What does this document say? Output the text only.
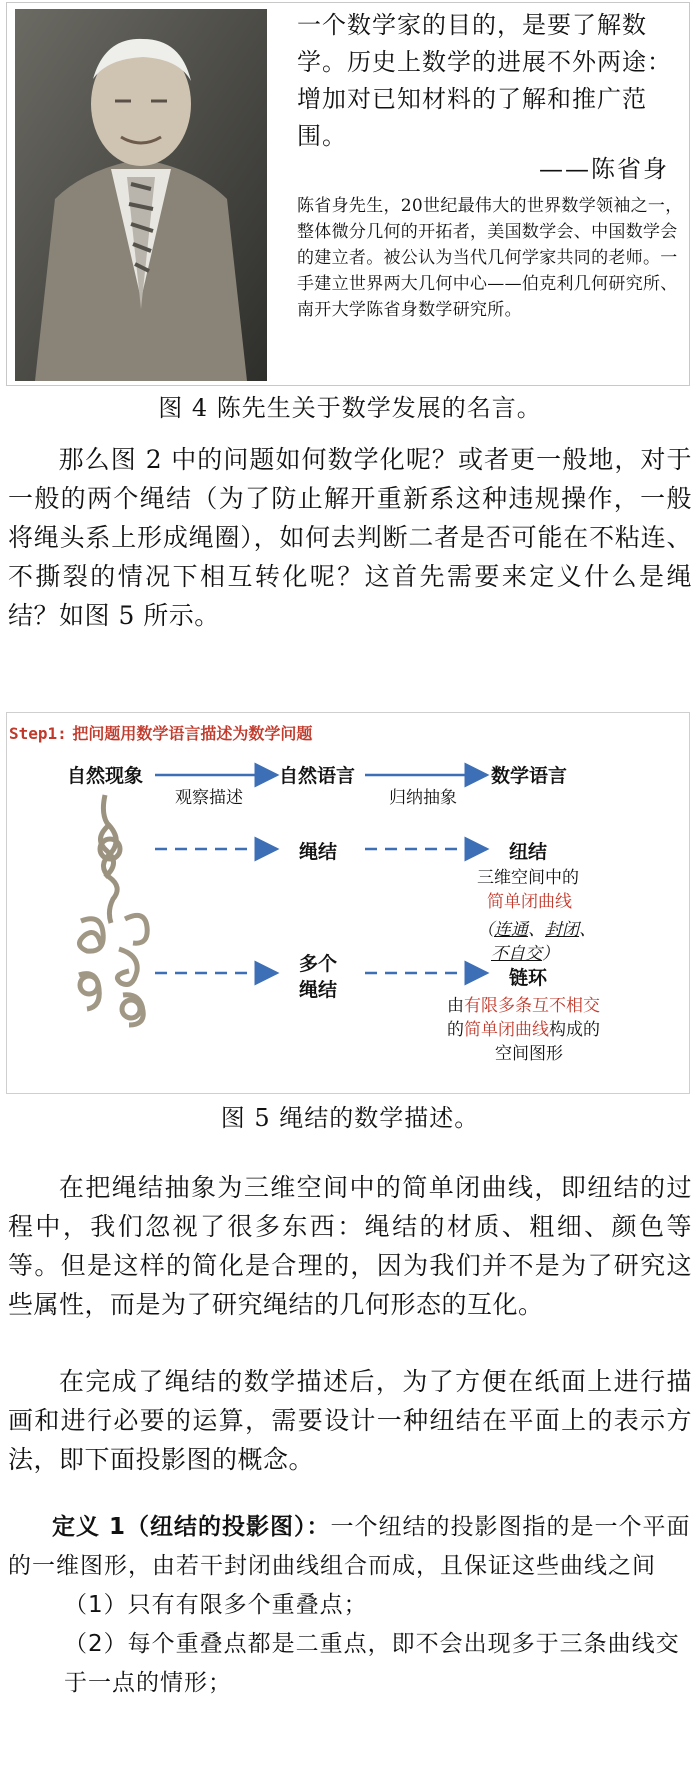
一个数学家的目的，是要了解数学。历史上数学的进展不外两途：增加对已知材料的了解和推广范围。
——陈省身
陈省身先生，20世纪最伟大的世界数学领袖之一，整体微分几何的开拓者，美国数学会、中国数学会的建立者。被公认为当代几何学家共同的老师。一手建立世界两大几何中心——伯克利几何研究所、南开大学陈省身数学研究所。
图 4 陈先生关于数学发展的名言。
那么图 2 中的问题如何数学化呢？或者更一般地，对于一般的两个绳结（为了防止解开重新系这种违规操作，一般将绳头系上形成绳圈），如何去判断二者是否可能在不粘连、不撕裂的情况下相互转化呢？这首先需要来定义什么是绳结？如图 5 所示。
Step1: 把问题用数学语言描述为数学问题
自然现象	自然语言	数学语言
观察描述	归纳抽象
绳结	纽结
三维空间中的
简单闭曲线
（连通、封闭、
不自交）
多个
绳结
链环
由有限多条互不相交
的简单闭曲线构成的
空间图形
图 5 绳结的数学描述。
在把绳结抽象为三维空间中的简单闭曲线，即纽结的过程中，我们忽视了很多东西：绳结的材质、粗细、颜色等等。但是这样的简化是合理的，因为我们并不是为了研究这些属性，而是为了研究绳结的几何形态的互化。
在完成了绳结的数学描述后，为了方便在纸面上进行描画和进行必要的运算，需要设计一种纽结在平面上的表示方法，即下面投影图的概念。
定义 1（纽结的投影图）：一个纽结的投影图指的是一个平面的一维图形，由若干封闭曲线组合而成，且保证这些曲线之间
（1）只有有限多个重叠点；
（2）每个重叠点都是二重点，即不会出现多于三条曲线交于一点的情形；
